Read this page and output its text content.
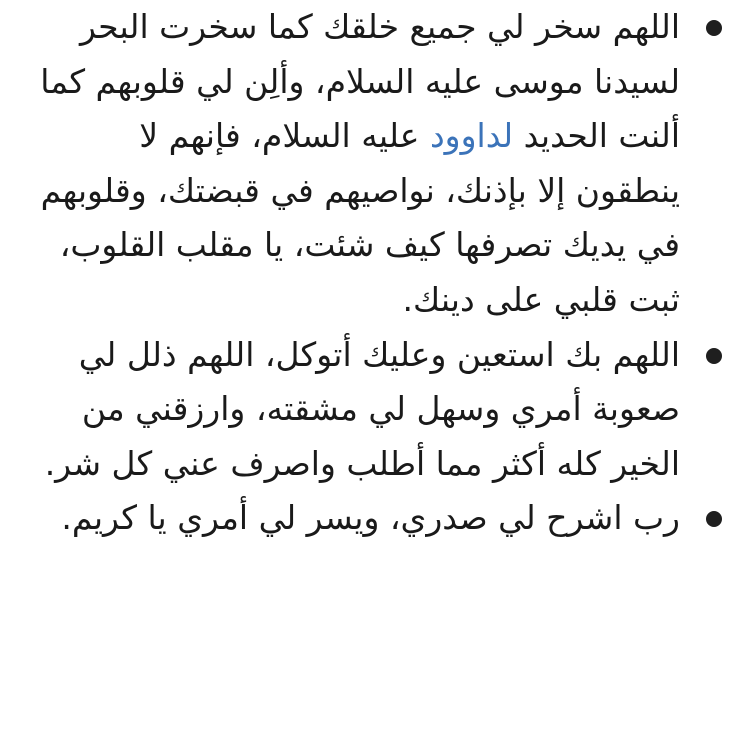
اللهم سخر لي جميع خلقك كما سخرت البحر لسيدنا موسى عليه السلام، وألِن لي قلوبهم كما ألنت الحديد لداوود عليه السلام، فإنهم لا ينطقون إلا بإذنك، نواصيهم في قبضتك، وقلوبهم في يديك تصرفها كيف شئت، يا مقلب القلوب، ثبت قلبي على دينك.
اللهم بك استعين وعليك أتوكل، اللهم ذلل لي صعوبة أمري وسهل لي مشقته، وارزقني من الخير كله أكثر مما أطلب واصرف عني كل شر.
رب اشرح لي صدري، ويسر لي أمري يا كريم.
